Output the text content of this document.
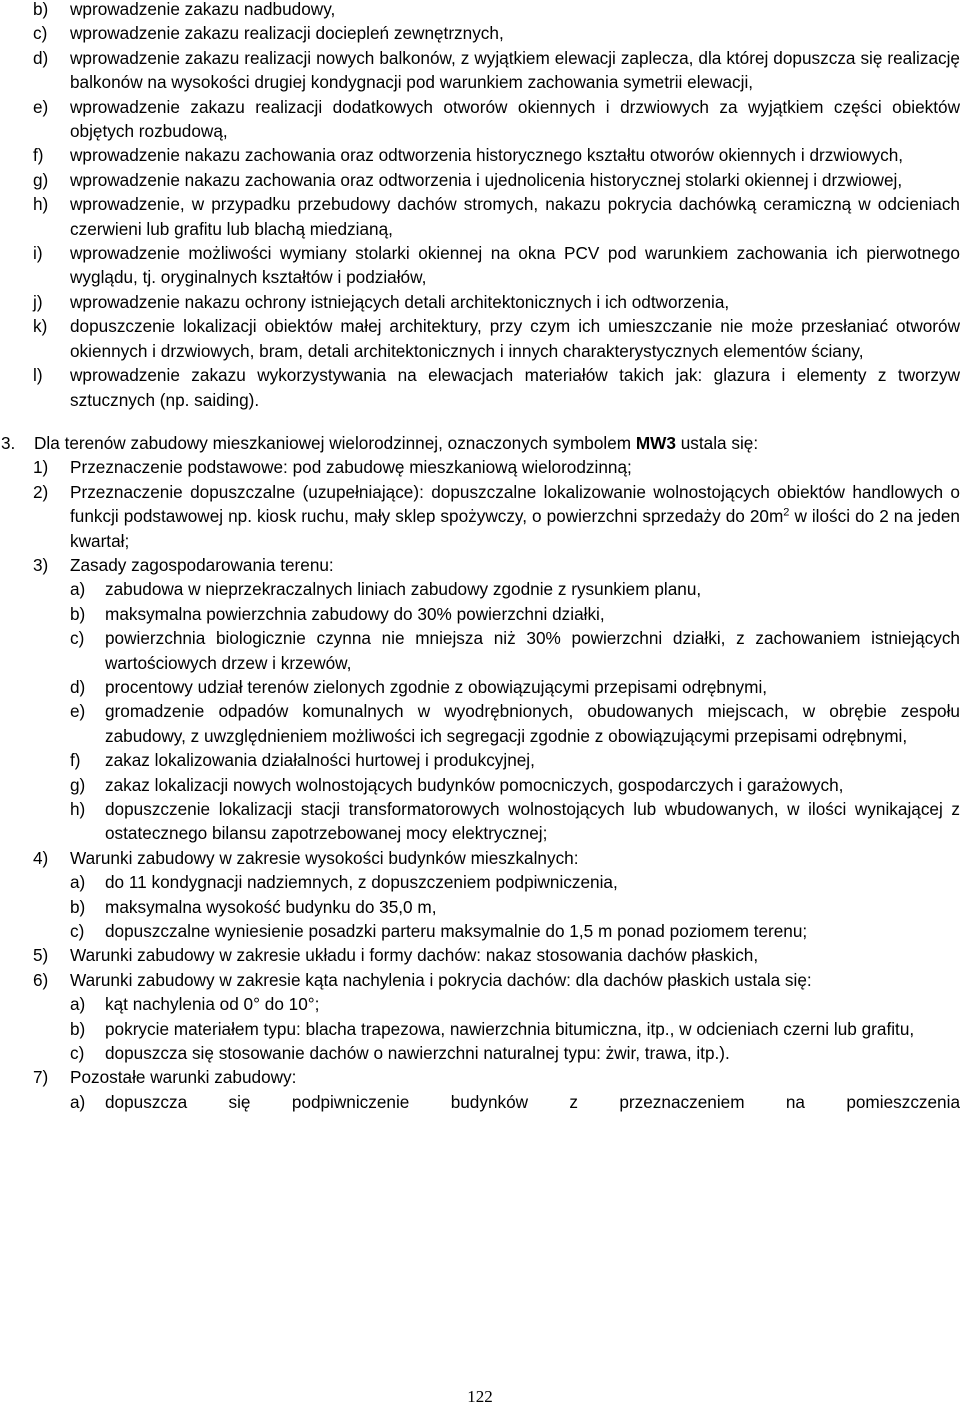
b)	wprowadzenie zakazu nadbudowy,
c)	wprowadzenie zakazu realizacji dociepleń zewnętrznych,
d)	wprowadzenie zakazu realizacji nowych balkonów, z wyjątkiem elewacji zaplecza, dla której dopuszcza się realizację balkonów na wysokości drugiej kondygnacji pod warunkiem zachowania symetrii elewacji,
e)	wprowadzenie zakazu realizacji dodatkowych otworów okiennych i drzwiowych za wyjątkiem części obiektów objętych rozbudową,
f)	wprowadzenie nakazu zachowania oraz odtworzenia historycznego kształtu otworów okiennych i drzwiowych,
g)	wprowadzenie nakazu zachowania oraz odtworzenia i ujednolicenia historycznej stolarki okiennej i drzwiowej,
h)	wprowadzenie, w przypadku przebudowy dachów stromych, nakazu pokrycia dachówką ceramiczną w odcieniach czerwieni lub grafitu lub blachą miedzianą,
i)	wprowadzenie możliwości wymiany stolarki okiennej na okna PCV pod warunkiem zachowania ich pierwotnego wyglądu, tj. oryginalnych kształtów i podziałów,
j)	wprowadzenie nakazu ochrony istniejących detali architektonicznych i ich odtworzenia,
k)	dopuszczenie lokalizacji obiektów małej architektury, przy czym ich umieszczanie nie może przesłaniać otworów okiennych i drzwiowych, bram, detali architektonicznych i innych charakterystycznych elementów ściany,
l)	wprowadzenie zakazu wykorzystywania na elewacjach materiałów takich jak: glazura i elementy z tworzyw sztucznych (np. saiding).
3.	Dla terenów zabudowy mieszkaniowej wielorodzinnej, oznaczonych symbolem MW3 ustala się:
1)	Przeznaczenie podstawowe: pod zabudowę mieszkaniową wielorodzinną;
2)	Przeznaczenie dopuszczalne (uzupełniające): dopuszczalne lokalizowanie wolnostojących obiektów handlowych o funkcji podstawowej np. kiosk ruchu, mały sklep spożywczy, o powierzchni sprzedaży do $20m^2$ w ilości do 2 na jeden kwartał;
3)	Zasady zagospodarowania terenu:
a)	zabudowa w nieprzekraczalnych liniach zabudowy zgodnie z rysunkiem planu,
b)	maksymalna powierzchnia zabudowy do 30% powierzchni działki,
c)	powierzchnia biologicznie czynna nie mniejsza niż 30% powierzchni działki, z zachowaniem istniejących wartościowych drzew i krzewów,
d)	procentowy udział terenów zielonych zgodnie z obowiązującymi przepisami odrębnymi,
e)	gromadzenie odpadów komunalnych w wyodrębnionych, obudowanych miejscach, w obrębie zespołu zabudowy, z uwzględnieniem możliwości ich segregacji zgodnie z obowiązującymi przepisami odrębnymi,
f)	zakaz lokalizowania działalności hurtowej i produkcyjnej,
g)	zakaz lokalizacji nowych wolnostojących budynków pomocniczych, gospodarczych i garażowych,
h)	dopuszczenie lokalizacji stacji transformatorowych wolnostojących lub wbudowanych, w ilości wynikającej z ostatecznego bilansu zapotrzebowanej mocy elektrycznej;
4)	Warunki zabudowy w zakresie wysokości budynków mieszkalnych:
a)	do 11 kondygnacji nadziemnych, z dopuszczeniem podpiwniczenia,
b)	maksymalna wysokość budynku do 35,0 m,
c)	dopuszczalne wyniesienie posadzki parteru maksymalnie do 1,5 m ponad poziomem terenu;
5)	Warunki zabudowy w zakresie układu i formy dachów: nakaz stosowania dachów płaskich,
6)	Warunki zabudowy w zakresie kąta nachylenia i pokrycia dachów: dla dachów płaskich ustala się:
a)	kąt nachylenia od 0° do 10°;
b)	pokrycie materiałem typu: blacha trapezowa, nawierzchnia bitumiczna, itp., w odcieniach czerni lub grafitu,
c)	dopuszcza się stosowanie dachów o nawierzchni naturalnej typu: żwir, trawa, itp.).
7)	Pozostałe warunki zabudowy:
a)	dopuszcza się podpiwniczenie budynków z przeznaczeniem na pomieszczenia
122
